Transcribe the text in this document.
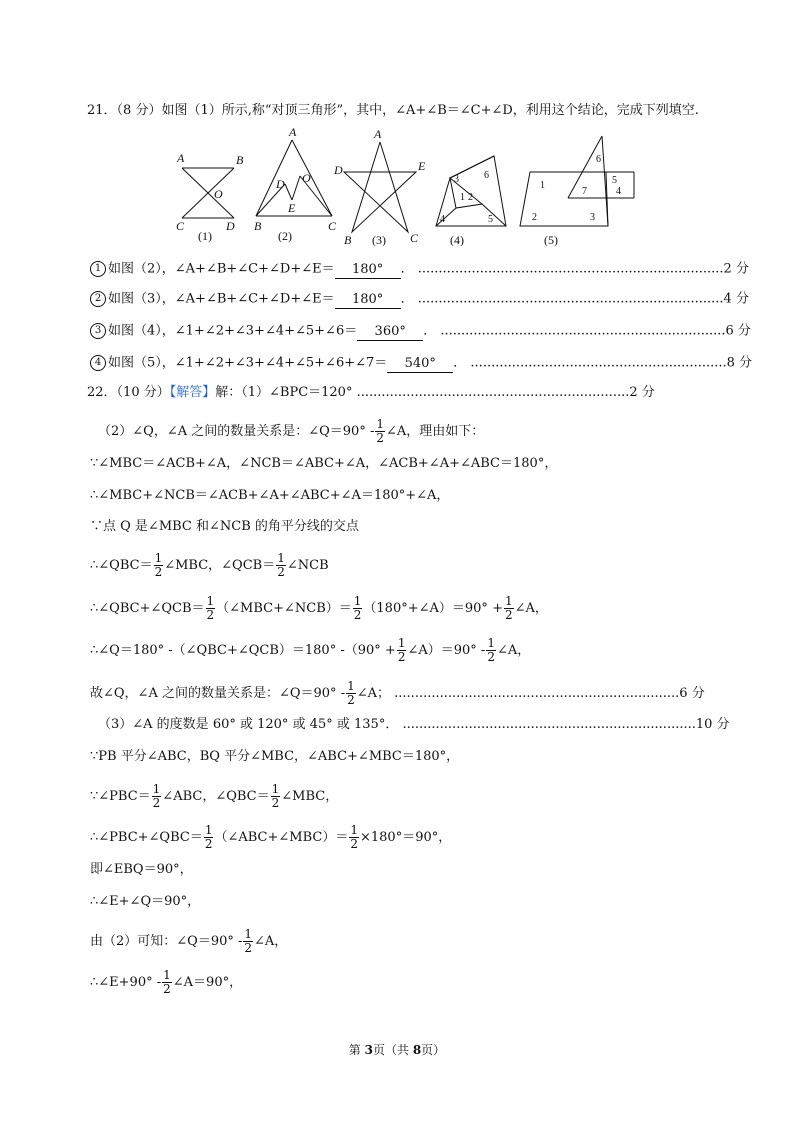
21．（8 分）如图（1）所示,称“对顶三角形”，其中，∠A+∠B＝∠C+∠D，利用这个结论，完成下列填空.
A	B
O
C	D
(1)
A
D O
E
B	C
(2)
A
D	E
B	C
(3)
1 2
3
4	5
6
(4)
1
2	3
4
5
6
7
(5)
1 如图（2），∠A+∠B+∠C+∠D+∠E＝ 180° ． ..........................................................................2 分
2 如图（3），∠A+∠B+∠C+∠D+∠E＝ 180° ． ..........................................................................4 分
3 如图（4），∠1+∠2+∠3+∠4+∠5+∠6＝ 360° ． .....................................................................6 分
4 如图（5），∠1+∠2+∠3+∠4+∠5+∠6+∠7＝ 540° ． ..............................................................8 分
22．（10 分）【解答】解：（1）∠BPC＝120° ..................................................................2 分
（2）∠Q，∠A 之间的数量关系是：∠Q＝90° - $\frac{1}{2}$ ∠A，理由如下：
∵∠MBC＝∠ACB+∠A，∠NCB＝∠ABC+∠A，∠ACB+∠A+∠ABC＝180°，
∴∠MBC+∠NCB＝∠ACB+∠A+∠ABC+∠A＝180°+∠A，
∵点 Q 是∠MBC 和∠NCB 的角平分线的交点
∴∠QBC＝ $\frac{1}{2}$ ∠MBC，∠QCB＝ $\frac{1}{2}$ ∠NCB
∴∠QBC+∠QCB＝ $\frac{1}{2}$ （∠MBC+∠NCB）＝ $\frac{1}{2}$ （180°+∠A）＝90° + $\frac{1}{2}$ ∠A，
∴∠Q＝180° -（∠QBC+∠QCB）＝180° $-(90^\circ + \frac{1}{2}$ ∠A）＝90° - $\frac{1}{2}$ ∠A，
故∠Q，∠A 之间的数量关系是：∠Q＝90° - $\frac{1}{2}$ ∠A； .....................................................................6 分
（3）∠A 的度数是 60° 或 120° 或 45° 或 135°． .......................................................................10 分
∵PB 平分∠ABC，BQ 平分∠MBC，∠ABC+∠MBC＝180°，
∵∠PBC＝ $\frac{1}{2}$ ∠ABC，∠QBC＝ $\frac{1}{2}$ ∠MBC，
∴∠PBC+∠QBC＝ $\frac{1}{2}$ （∠ABC+∠MBC）＝ $\frac{1}{2} \times 180^\circ=90^\circ$，
即∠EBQ＝90°，
∴∠E+∠Q＝90°，
由（2）可知：∠Q＝90° - $\frac{1}{2}$ ∠A，
∴∠E+90° - $\frac{1}{2}$ ∠A＝90°，
第 3页（共 8页）
